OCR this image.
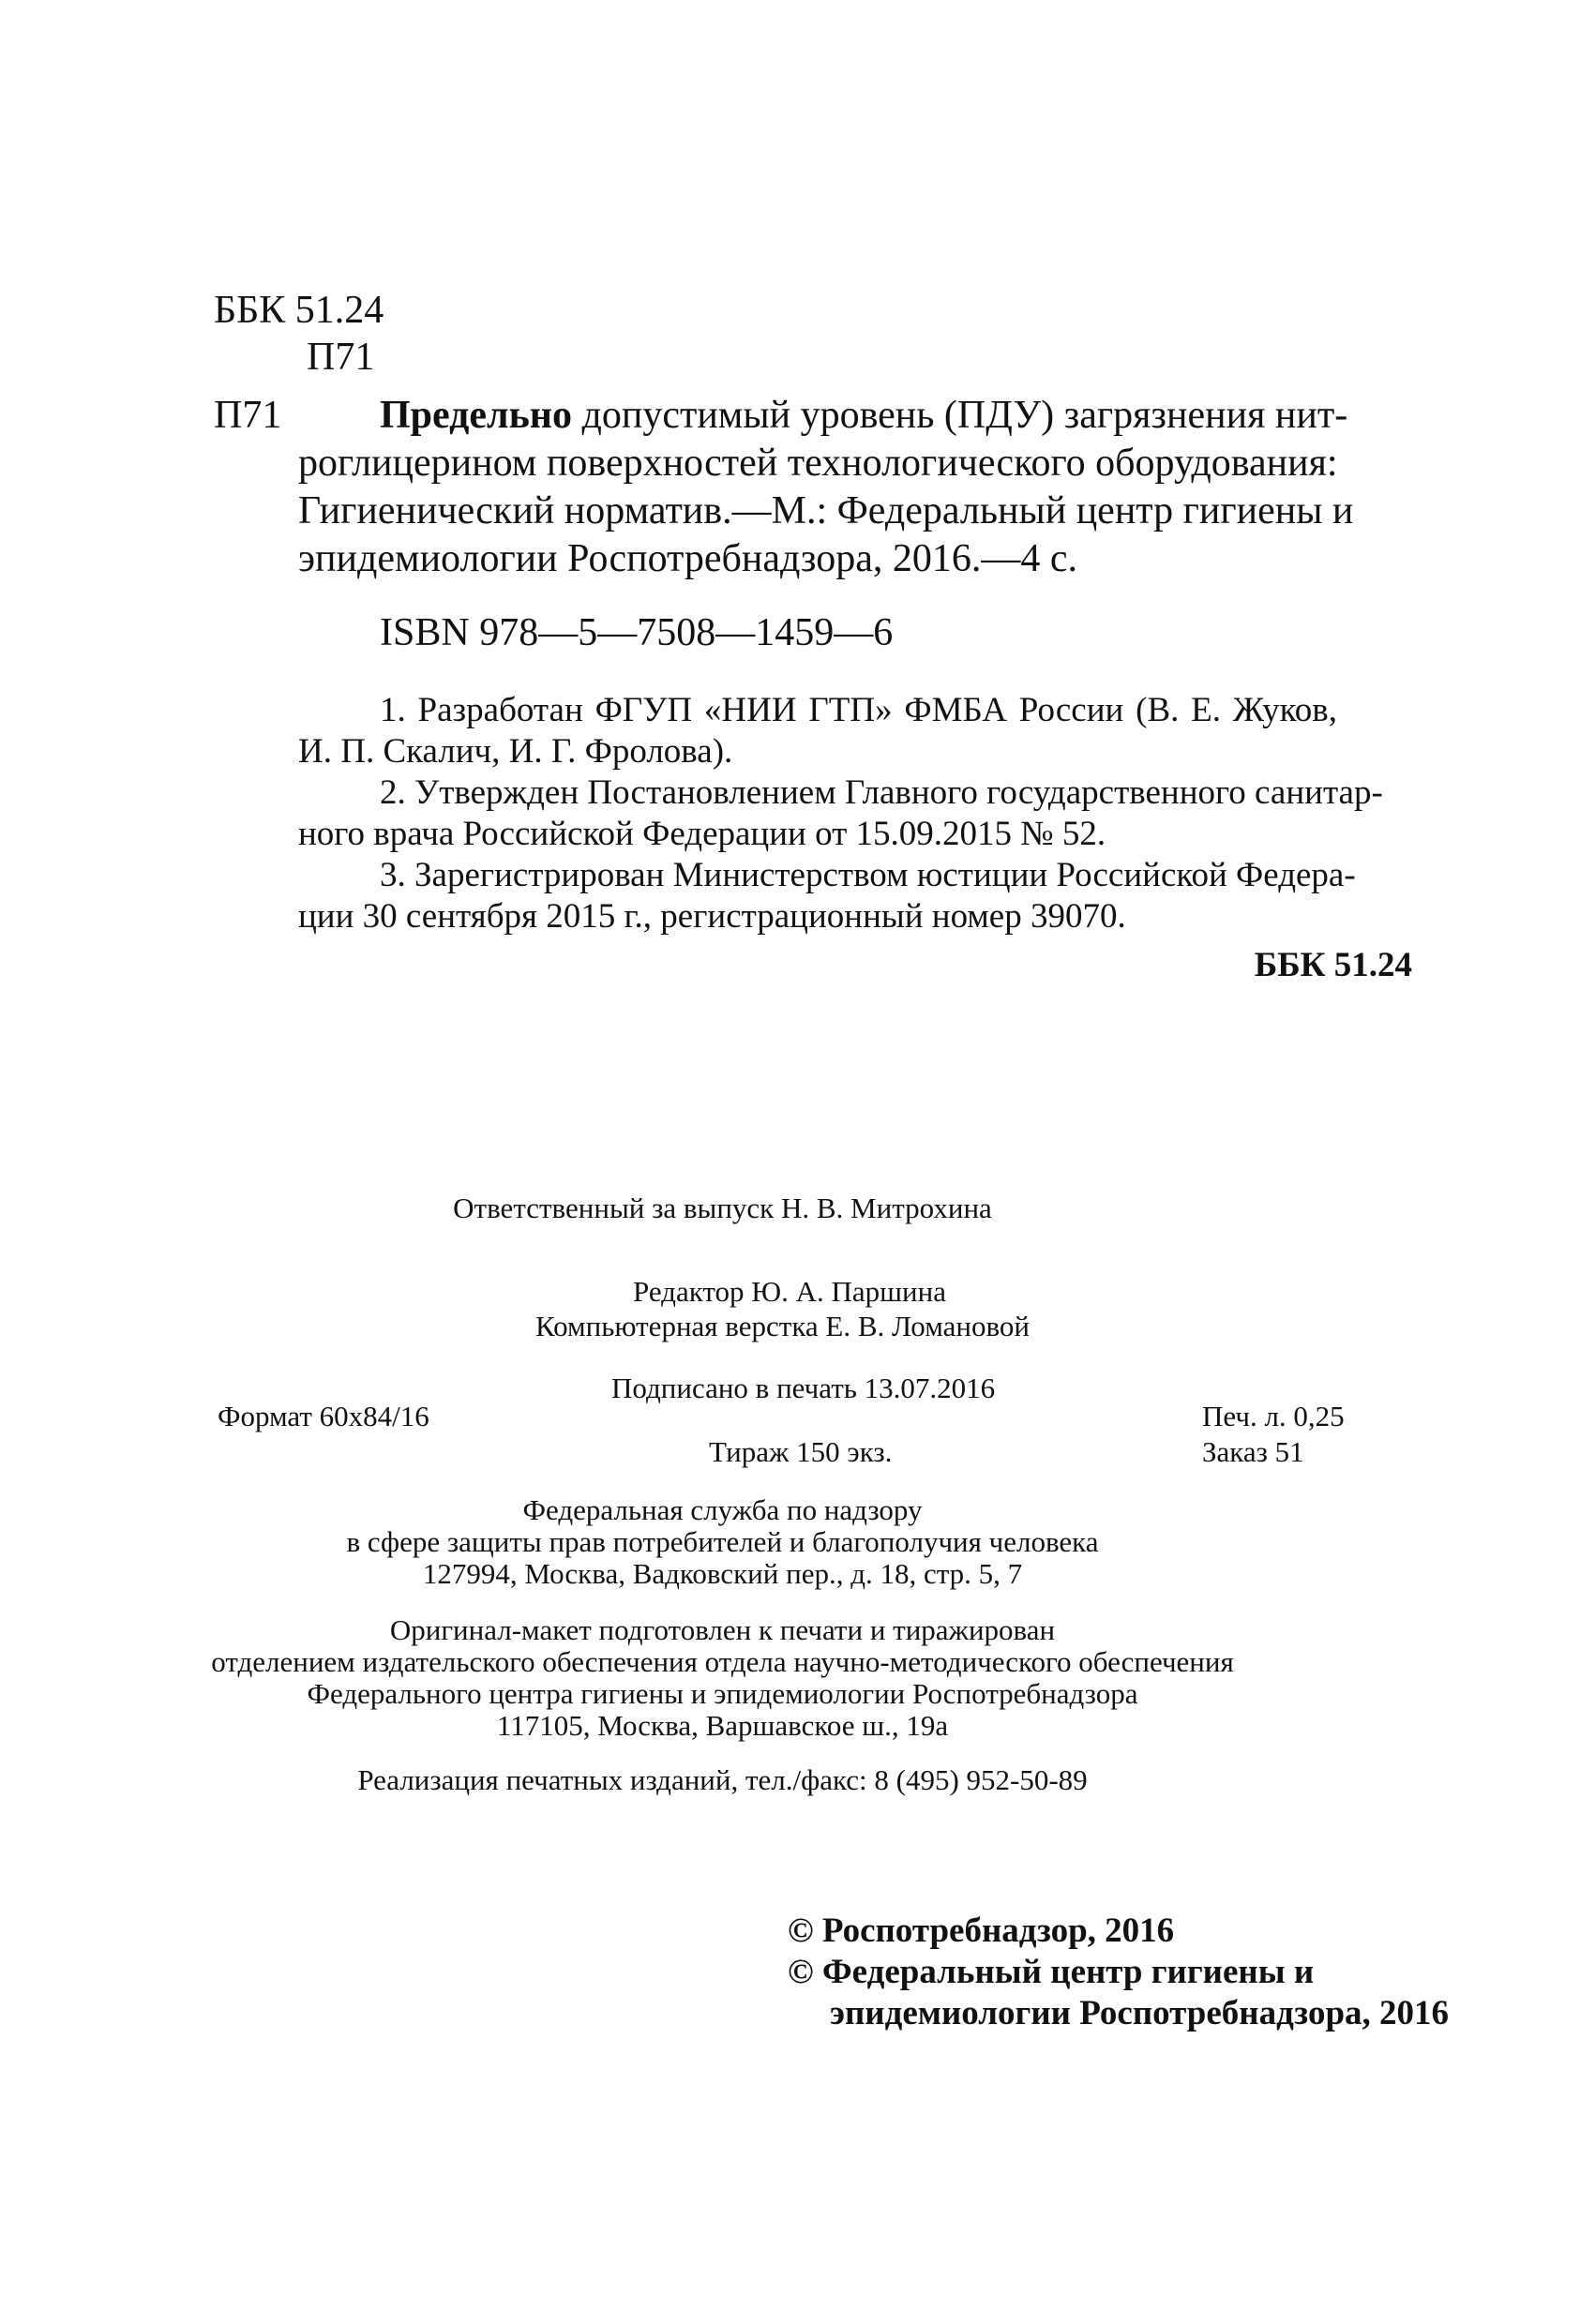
ББК 51.24
П71
П71 Предельно допустимый уровень (ПДУ) загрязнения нит-
роглицерином поверхностей технологического оборудования:
Гигиенический норматив.—М.: Федеральный центр гигиены и
эпидемиологии Роспотребнадзора, 2016.—4 с.
ISBN 978—5—7508—1459—6
1. Разработан ФГУП «НИИ ГТП» ФМБА России (В. Е. Жуков,
И. П. Скалич, И. Г. Фролова).
2. Утвержден Постановлением Главного государственного санитар-
ного врача Российской Федерации от 15.09.2015 № 52.
3. Зарегистрирован Министерством юстиции Российской Федера-
ции 30 сентября 2015 г., регистрационный номер 39070.
ББК 51.24
Ответственный за выпуск Н. В. Митрохина
Редактор Ю. А. Паршина
Компьютерная верстка Е. В. Ломановой
Подписано в печать 13.07.2016
Формат 60x84/16	Печ. л. 0,25
Тираж 150 экз.	Заказ 51
Федеральная служба по надзору
в сфере защиты прав потребителей и благополучия человека
127994, Москва, Вадковский пер., д. 18, стр. 5, 7
Оригинал-макет подготовлен к печати и тиражирован
отделением издательского обеспечения отдела научно-методического обеспечения
Федерального центра гигиены и эпидемиологии Роспотребнадзора
117105, Москва, Варшавское ш., 19а
Реализация печатных изданий, тел./факс: 8 (495) 952-50-89
© Роспотребнадзор, 2016
© Федеральный центр гигиены и
эпидемиологии Роспотребнадзора, 2016
